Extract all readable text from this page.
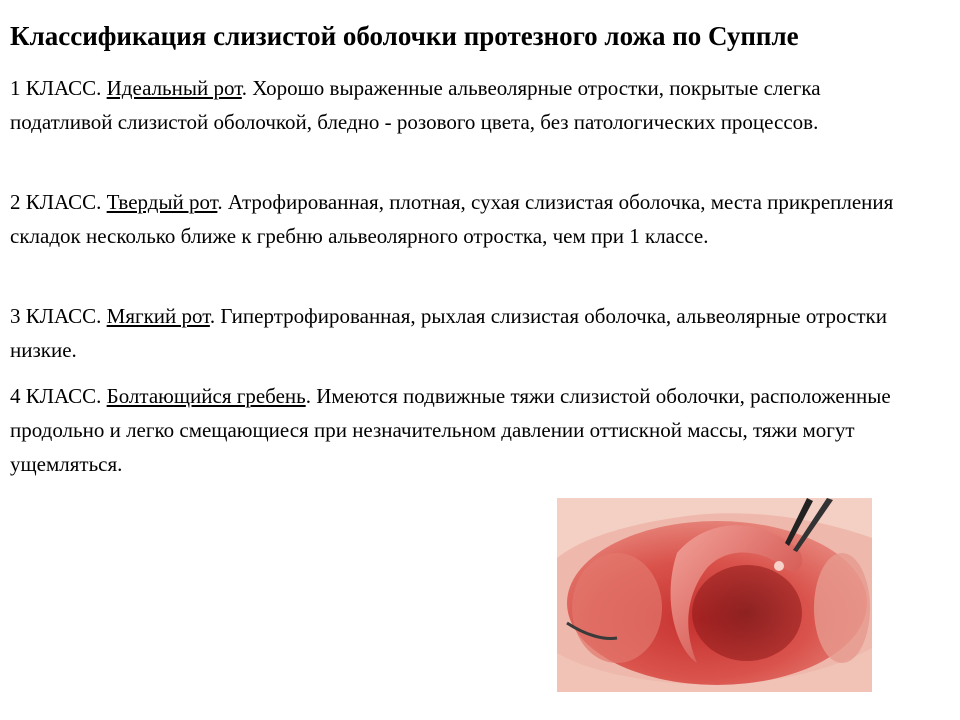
Классификация слизистой оболочки протезного ложа по Суппле
1 КЛАСС. Идеальный рот. Хорошо выраженные альвеолярные отростки, покрытые слегка податливой слизистой оболочкой, бледно - розового цвета, без патологических процессов.
2 КЛАСС. Твердый рот. Атрофированная, плотная, сухая слизистая оболочка, места прикрепления складок несколько ближе к гребню альвеолярного отростка, чем при 1 классе.
3 КЛАСС. Мягкий рот. Гипертрофированная, рыхлая слизистая оболочка, альвеолярные отростки низкие.
4 КЛАСС. Болтающийся гребень. Имеются подвижные тяжи слизистой оболочки, расположенные продольно и легко смещающиеся при незначительном давлении оттискной массы, тяжи могут ущемляться.
